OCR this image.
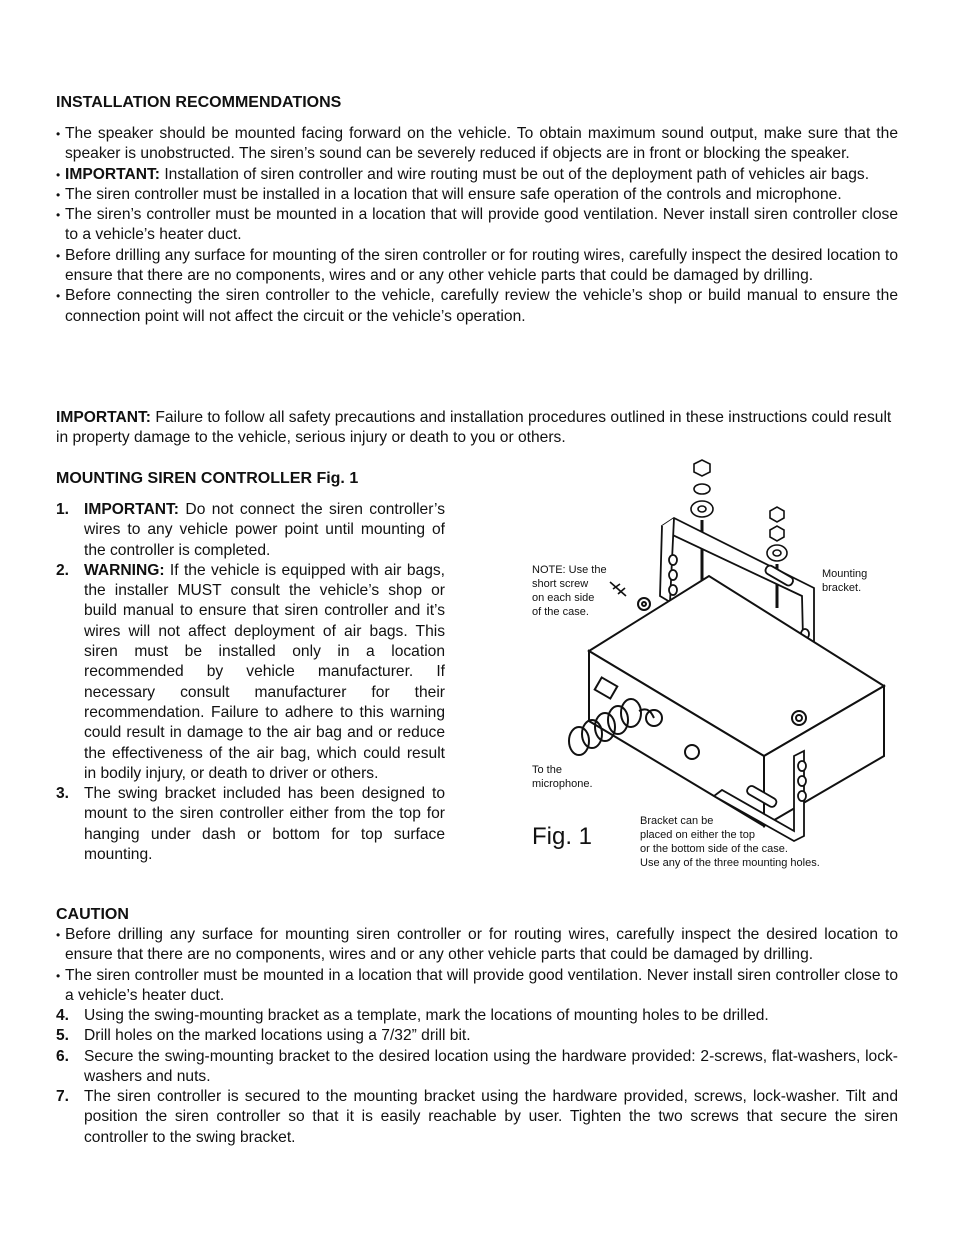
INSTALLATION RECOMMENDATIONS
• The speaker should be mounted facing forward on the vehicle. To obtain maximum sound output, make sure that the speaker is unobstructed. The siren’s sound can be severely reduced if objects are in front or blocking the speaker.
• IMPORTANT: Installation of siren controller and wire routing must be out of the deployment path of vehicles air bags.
• The siren controller must be installed in a location that will ensure safe operation of the controls and microphone.
• The siren’s controller must be mounted in a location that will provide good ventilation. Never install siren controller close to a vehicle’s heater duct.
• Before drilling any surface for mounting of the siren controller or for routing wires, carefully inspect the desired location to ensure that there are no components, wires and or any other vehicle parts that could be damaged by drilling.
• Before connecting the siren controller to the vehicle, carefully review the vehicle’s shop or build manual to ensure the connection point will not affect the circuit or the vehicle’s operation.

IMPORTANT: Failure to follow all safety precautions and installation procedures outlined in these instructions could result in property damage to the vehicle, serious injury or death to you or others.

MOUNTING SIREN CONTROLLER Fig. 1
1. IMPORTANT: Do not connect the siren controller’s wires to any vehicle power point until mounting of the controller is completed.
2. WARNING: If the vehicle is equipped with air bags, the installer MUST consult the vehicle’s shop or build manual to ensure that siren controller and it’s wires will not affect deployment of air bags. This siren must be installed only in a location recommended by vehicle manufacturer. If necessary consult manufacturer for their recommendation. Failure to adhere to this warning could result in damage to the air bag and or reduce the effectiveness of the air bag, which could result in bodily injury, or death to driver or others.
3. The swing bracket included has been designed to mount to the siren controller either from the top for hanging under dash or bottom for top surface mounting.
NOTE: Use the
short screw
on each side
of the case.
Mounting
bracket.
To the
microphone.
Fig. 1
Bracket can be
placed on either the top
or the bottom side of the case.
Use any of the three mounting holes.
CAUTION
• Before drilling any surface for mounting siren controller or for routing wires, carefully inspect the desired location to ensure that there are no components, wires and or any other vehicle parts that could be damaged by drilling.
• The siren controller must be mounted in a location that will provide good ventilation. Never install siren controller close to a vehicle’s heater duct.
4. Using the swing-mounting bracket as a template, mark the locations of mounting holes to be drilled.
5. Drill holes on the marked locations using a 7/32” drill bit.
6. Secure the swing-mounting bracket to the desired location using the hardware provided: 2-screws, flat-washers, lock-washers and nuts.
7. The siren controller is secured to the mounting bracket using the hardware provided, screws, lock-washer. Tilt and position the siren controller so that it is easily reachable by user. Tighten the two screws that secure the siren controller to the swing bracket.
